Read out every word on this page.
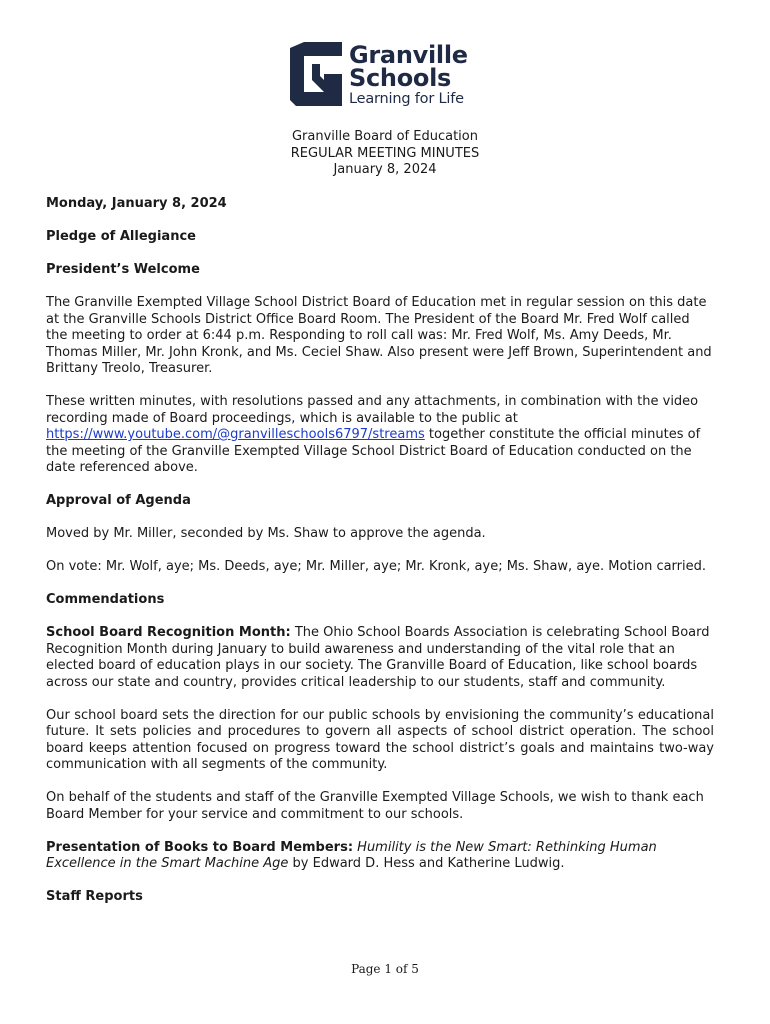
Granville
Schools
Learning for Life
Granville Board of Education
REGULAR MEETING MINUTES
January 8, 2024

Monday, January 8, 2024

Pledge of Allegiance

President’s Welcome

The Granville Exempted Village School District Board of Education met in regular session on this date at the Granville Schools District Office Board Room. The President of the Board Mr. Fred Wolf called the meeting to order at 6:44 p.m. Responding to roll call was: Mr. Fred Wolf, Ms. Amy Deeds, Mr. Thomas Miller, Mr. John Kronk, and Ms. Ceciel Shaw. Also present were Jeff Brown, Superintendent and Brittany Treolo, Treasurer.

These written minutes, with resolutions passed and any attachments, in combination with the video recording made of Board proceedings, which is available to the public at https://www.youtube.com/@granvilleschools6797/streams together constitute the official minutes of the meeting of the Granville Exempted Village School District Board of Education conducted on the date referenced above.

Approval of Agenda

Moved by Mr. Miller, seconded by Ms. Shaw to approve the agenda.

On vote: Mr. Wolf, aye; Ms. Deeds, aye; Mr. Miller, aye; Mr. Kronk, aye; Ms. Shaw, aye. Motion carried.

Commendations

School Board Recognition Month: The Ohio School Boards Association is celebrating School Board Recognition Month during January to build awareness and understanding of the vital role that an elected board of education plays in our society. The Granville Board of Education, like school boards across our state and country, provides critical leadership to our students, staff and community.

Our school board sets the direction for our public schools by envisioning the community’s educational future. It sets policies and procedures to govern all aspects of school district operation. The school board keeps attention focused on progress toward the school district’s goals and maintains two-way communication with all segments of the community.

On behalf of the students and staff of the Granville Exempted Village Schools, we wish to thank each Board Member for your service and commitment to our schools.

Presentation of Books to Board Members: Humility is the New Smart: Rethinking Human Excellence in the Smart Machine Age by Edward D. Hess and Katherine Ludwig.

Staff Reports

Page 1 of 5
